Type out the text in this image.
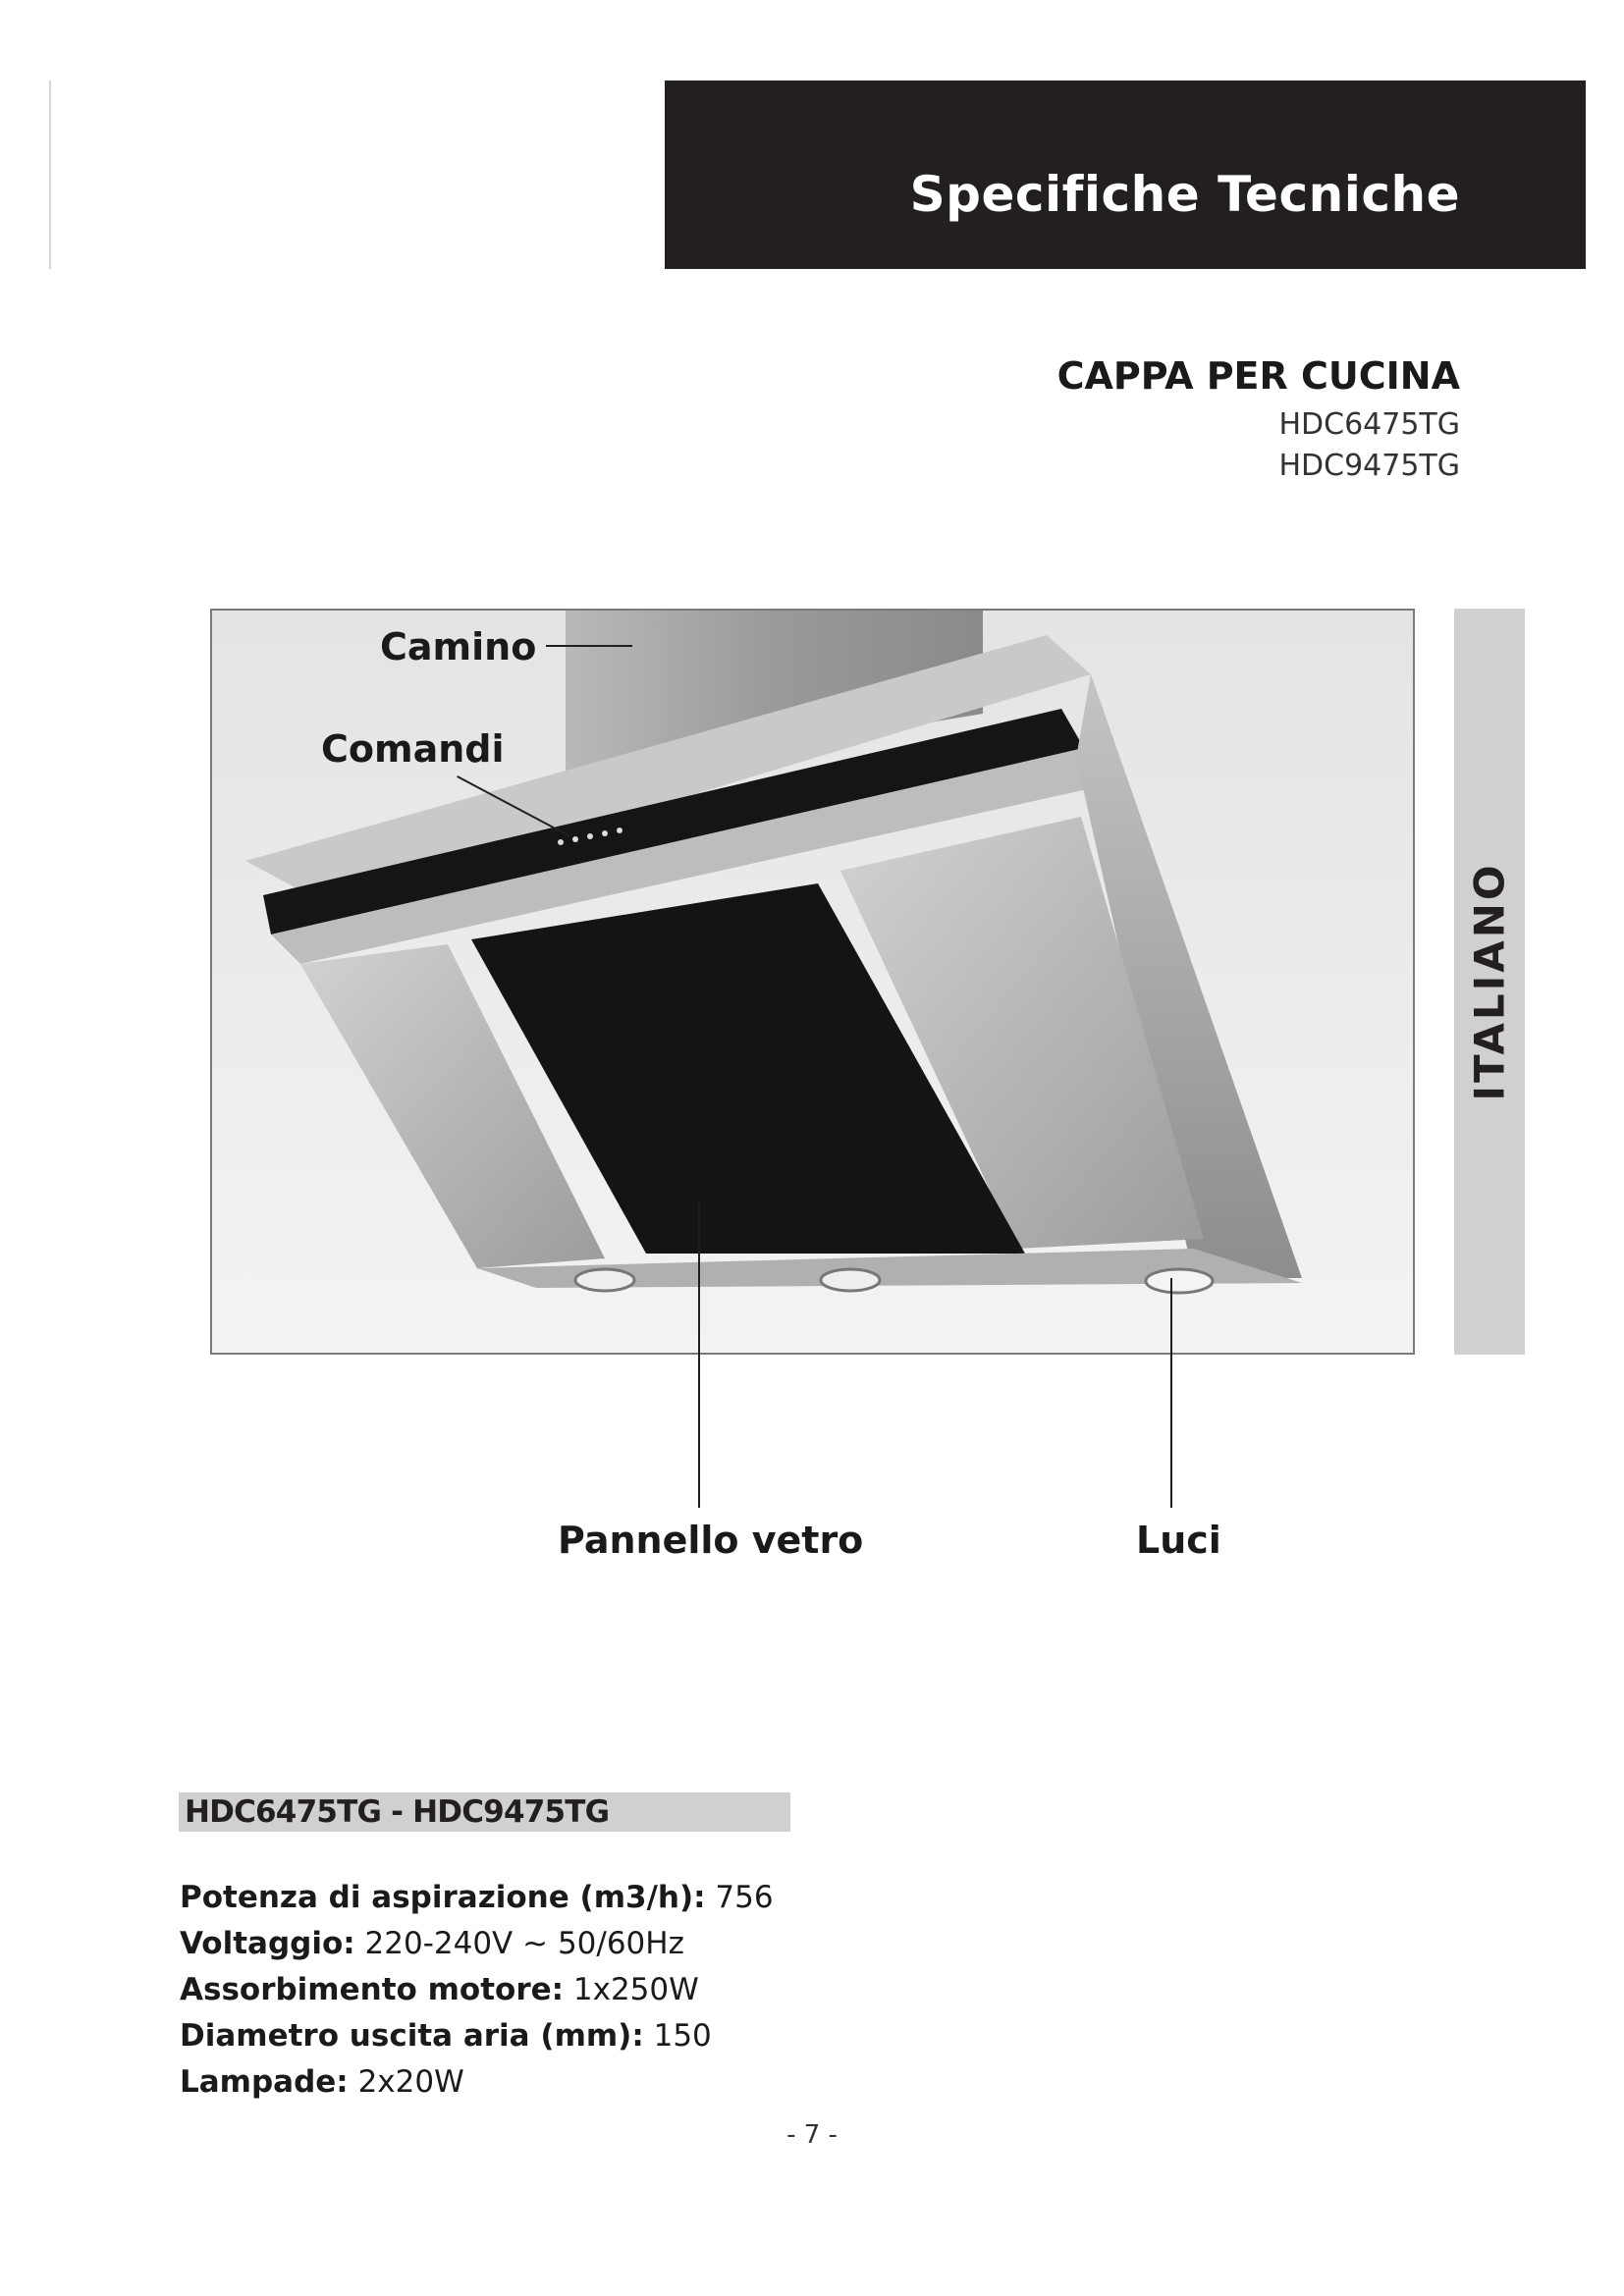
Specifiche Tecniche
CAPPA PER CUCINA
HDC6475TG
HDC9475TG
Camino
Comandi
Pannello vetro	Luci
ITALIANO
HDC6475TG - HDC9475TG
Potenza di aspirazione (m3/h): 756
Voltaggio: 220-240V ~ 50/60Hz
Assorbimento motore: 1x250W
Diametro uscita aria (mm): 150
Lampade: 2x20W
- 7 -
